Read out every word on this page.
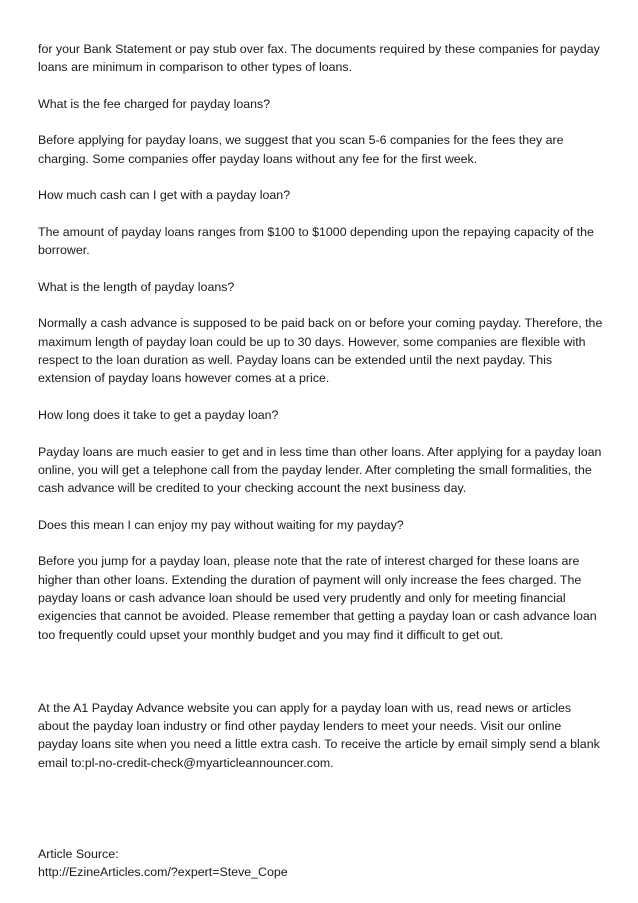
for your Bank Statement or pay stub over fax. The documents required by these companies for payday loans are minimum in comparison to other types of loans.

What is the fee charged for payday loans?

Before applying for payday loans, we suggest that you scan 5-6 companies for the fees they are charging. Some companies offer payday loans without any fee for the first week.

How much cash can I get with a payday loan?

The amount of payday loans ranges from $100 to $1000 depending upon the repaying capacity of the borrower.

What is the length of payday loans?

Normally a cash advance is supposed to be paid back on or before your coming payday. Therefore, the maximum length of payday loan could be up to 30 days. However, some companies are flexible with respect to the loan duration as well. Payday loans can be extended until the next payday. This extension of payday loans however comes at a price.

How long does it take to get a payday loan?

Payday loans are much easier to get and in less time than other loans. After applying for a payday loan online, you will get a telephone call from the payday lender. After completing the small formalities, the cash advance will be credited to your checking account the next business day.

Does this mean I can enjoy my pay without waiting for my payday?

Before you jump for a payday loan, please note that the rate of interest charged for these loans are higher than other loans. Extending the duration of payment will only increase the fees charged. The payday loans or cash advance loan should be used very prudently and only for meeting financial exigencies that cannot be avoided. Please remember that getting a payday loan or cash advance loan too frequently could upset your monthly budget and you may find it difficult to get out.

At the A1 Payday Advance website you can apply for a payday loan with us, read news or articles about the payday loan industry or find other payday lenders to meet your needs. Visit our online payday loans site when you need a little extra cash. To receive the article by email simply send a blank email to:pl-no-credit-check@myarticleannouncer.com.

Article Source:
http://EzineArticles.com/?expert=Steve_Cope
